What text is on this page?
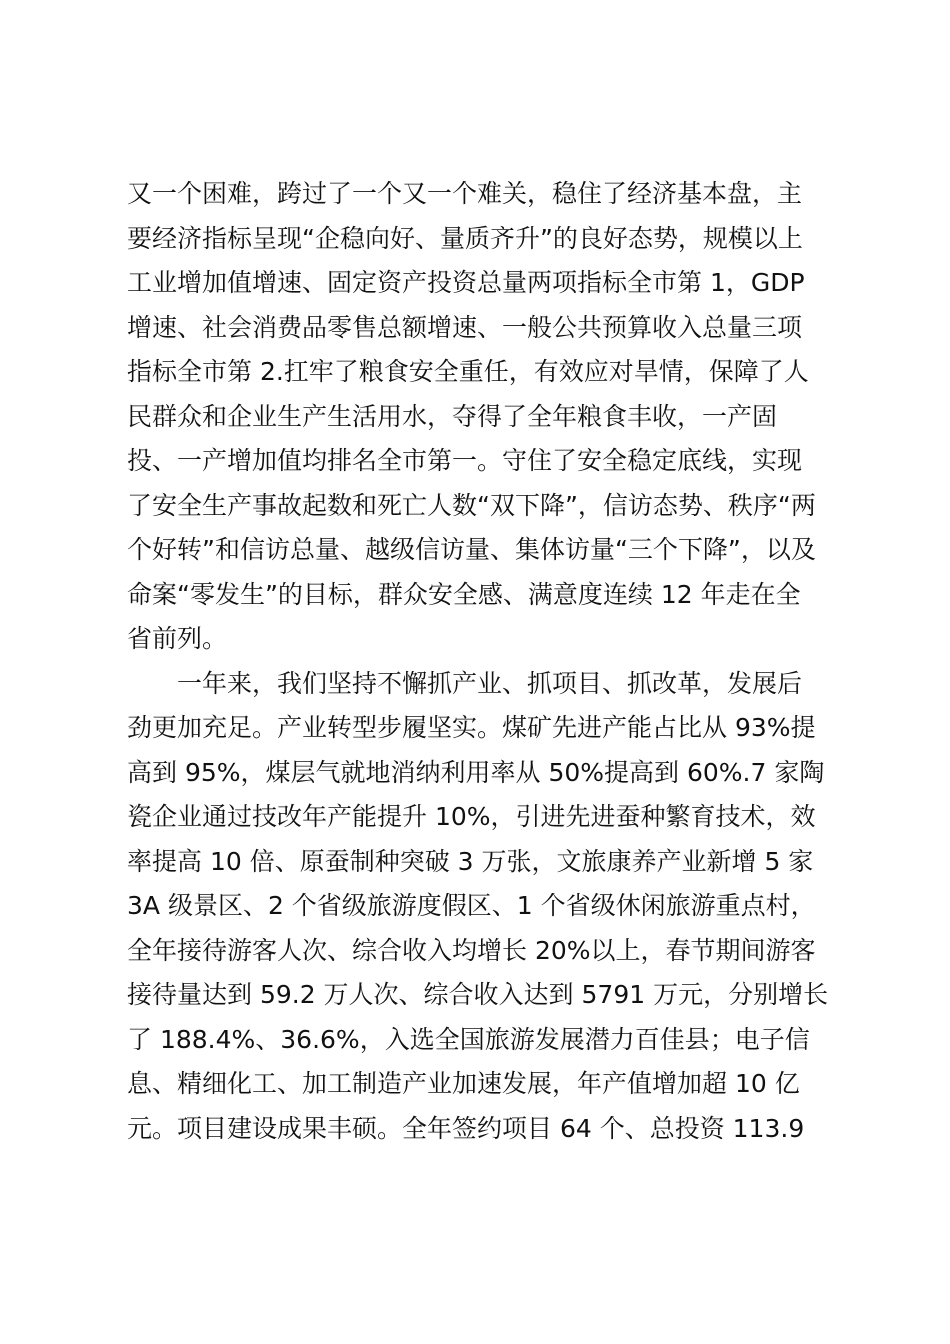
又一个困难，跨过了一个又一个难关，稳住了经济基本盘，主
要经济指标呈现“企稳向好、量质齐升”的良好态势，规模以上
工业增加值增速、固定资产投资总量两项指标全市第 1，GDP
增速、社会消费品零售总额增速、一般公共预算收入总量三项
指标全市第 2.扛牢了粮食安全重任，有效应对旱情，保障了人
民群众和企业生产生活用水，夺得了全年粮食丰收，一产固
投、一产增加值均排名全市第一。守住了安全稳定底线，实现
了安全生产事故起数和死亡人数“双下降”，信访态势、秩序“两
个好转”和信访总量、越级信访量、集体访量“三个下降”，以及
命案“零发生”的目标，群众安全感、满意度连续 12 年走在全
省前列。
　　一年来，我们坚持不懈抓产业、抓项目、抓改革，发展后
劲更加充足。产业转型步履坚实。煤矿先进产能占比从 93%提
高到 95%，煤层气就地消纳利用率从 50%提高到 60%.7 家陶
瓷企业通过技改年产能提升 10%，引进先进蚕种繁育技术，效
率提高 10 倍、原蚕制种突破 3 万张，文旅康养产业新增 5 家
3A 级景区、2 个省级旅游度假区、1 个省级休闲旅游重点村，
全年接待游客人次、综合收入均增长 20%以上，春节期间游客
接待量达到 59.2 万人次、综合收入达到 5791 万元，分别增长
了 188.4%、36.6%，入选全国旅游发展潜力百佳县；电子信
息、精细化工、加工制造产业加速发展，年产值增加超 10 亿
元。项目建设成果丰硕。全年签约项目 64 个、总投资 113.9
